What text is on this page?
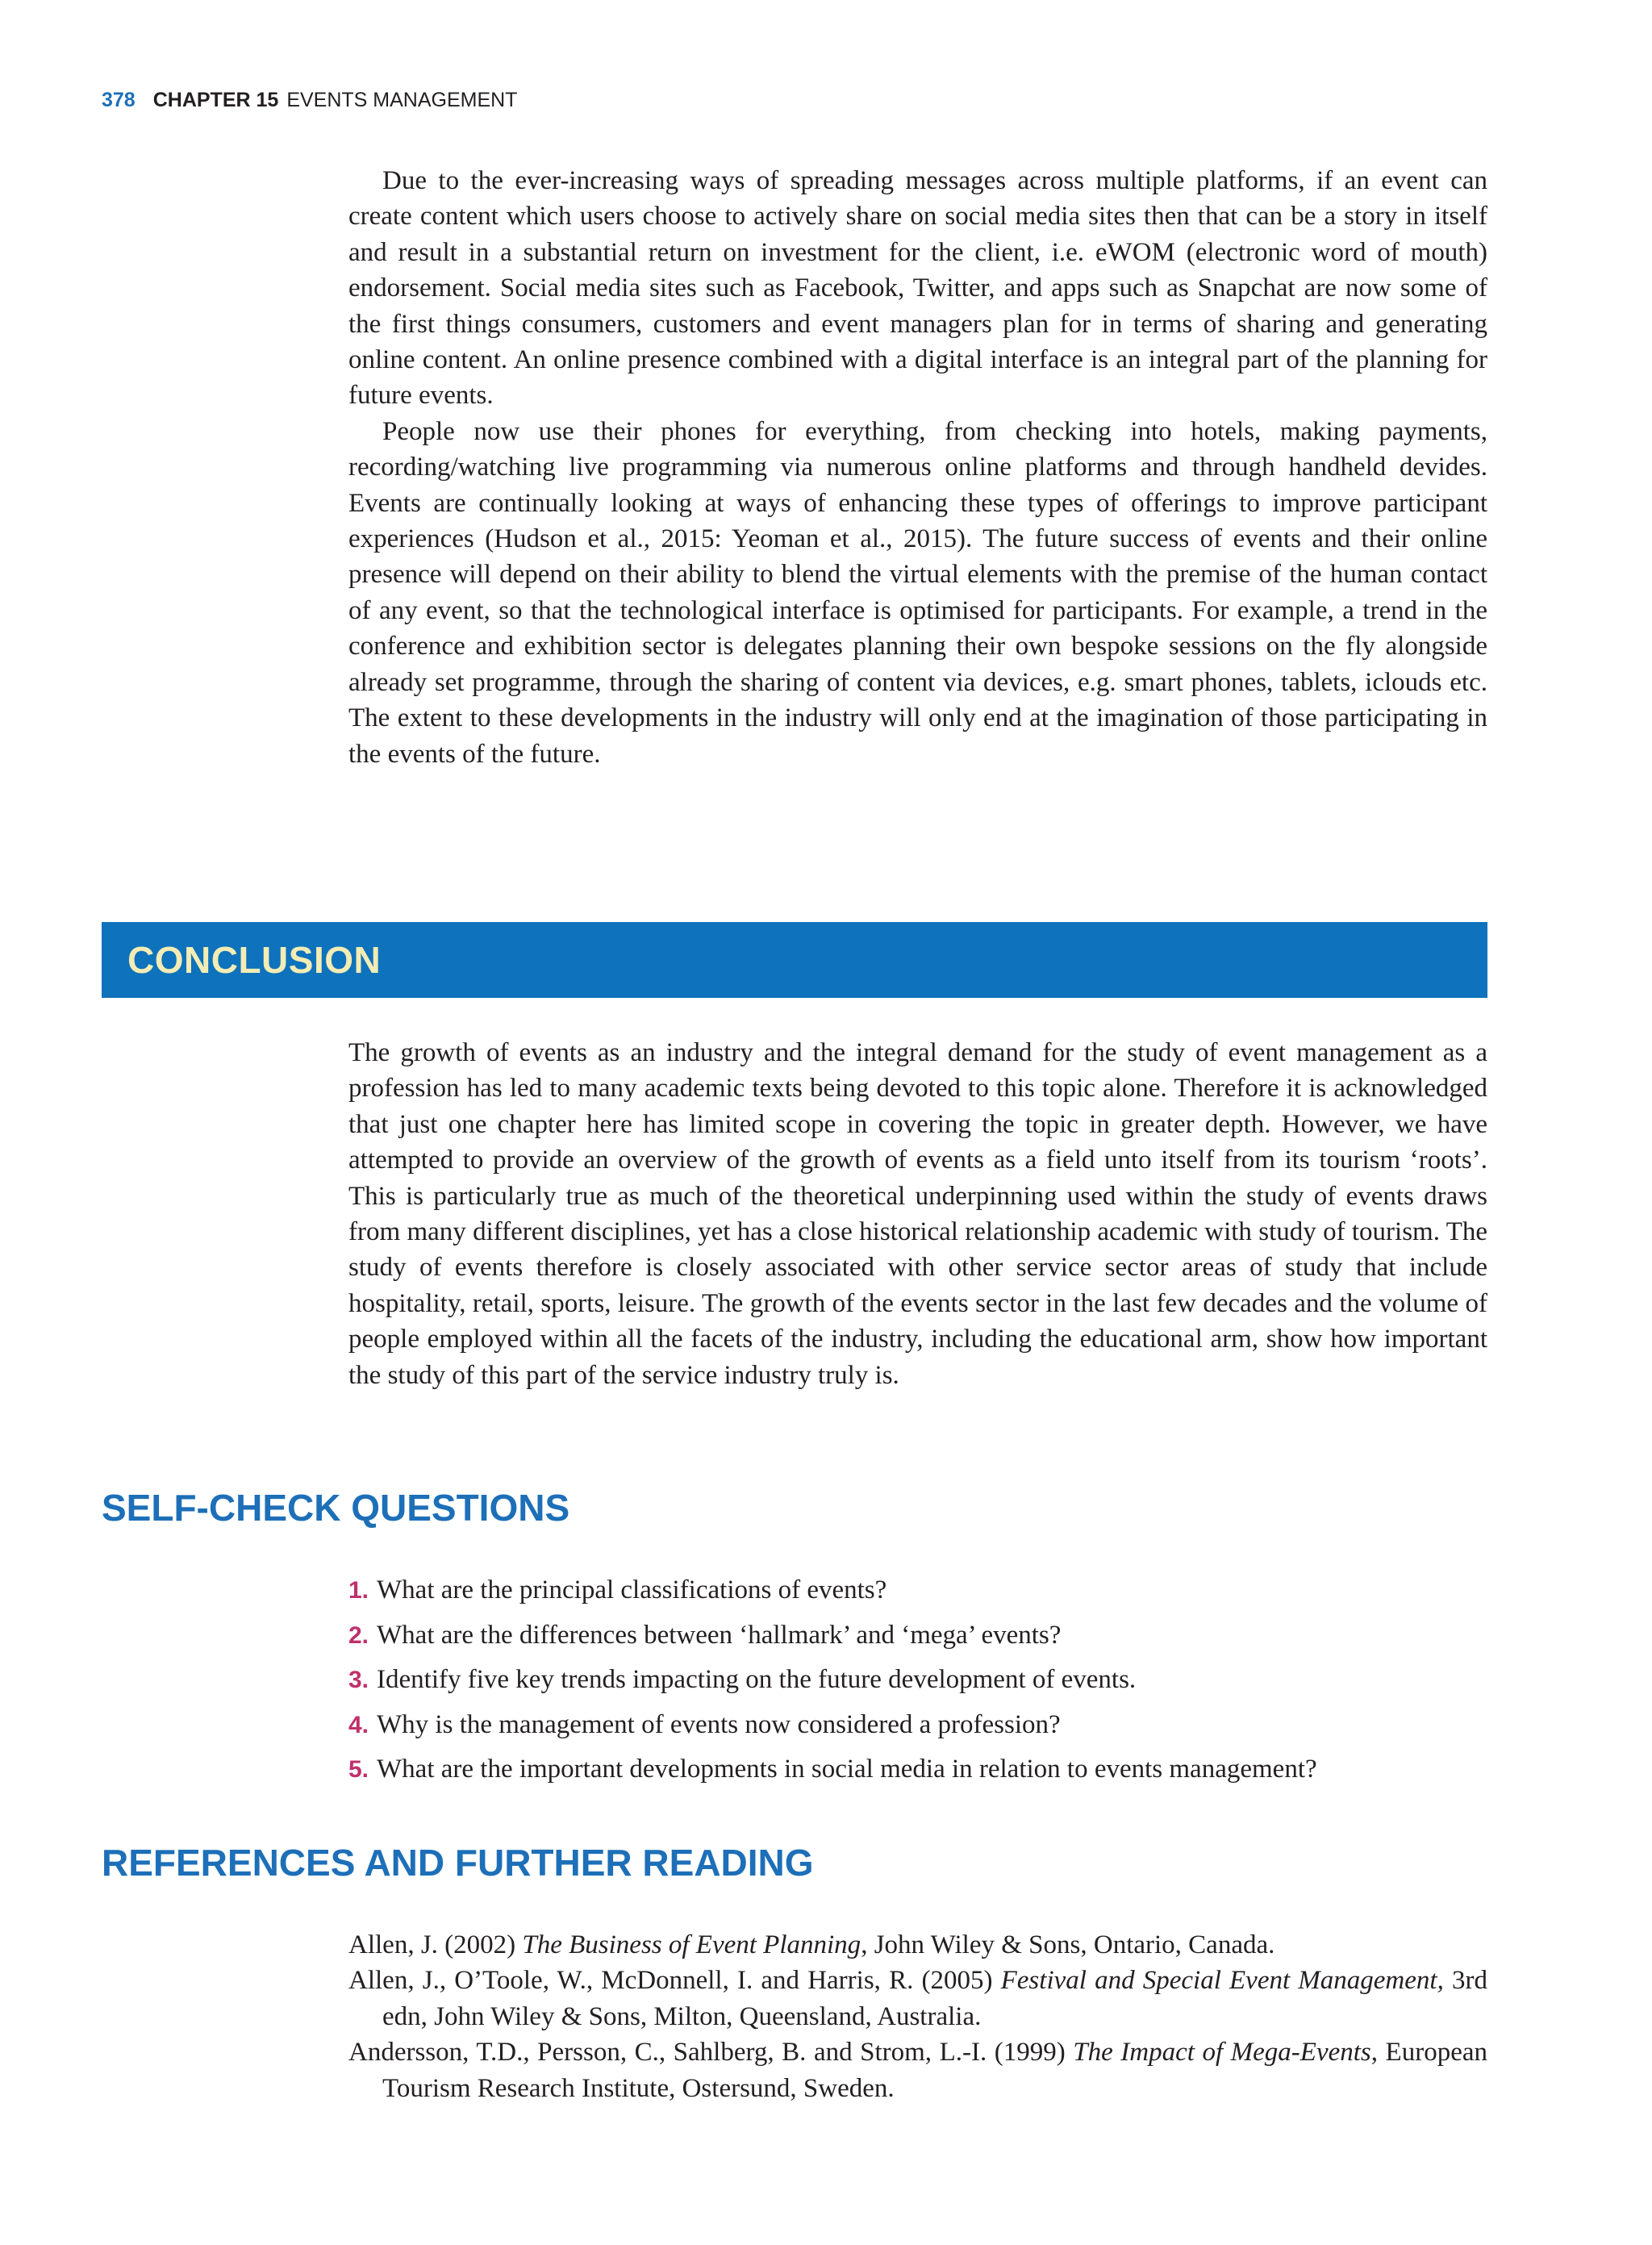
378 CHAPTER 15 EVENTS MANAGEMENT

Due to the ever-increasing ways of spreading messages across multiple platforms, if an event can create content which users choose to actively share on social media sites then that can be a story in itself and result in a substantial return on investment for the client, i.e. eWOM (electronic word of mouth) endorsement. Social media sites such as Facebook, Twitter, and apps such as Snapchat are now some of the first things consumers, customers and event managers plan for in terms of sharing and generating online content. An online presence combined with a digital interface is an integral part of the planning for future events.

People now use their phones for everything, from checking into hotels, making payments, recording/watching live programming via numerous online platforms and through handheld devides. Events are continually looking at ways of enhancing these types of offerings to improve participant experiences (Hudson et al., 2015: Yeoman et al., 2015). The future success of events and their online presence will depend on their ability to blend the virtual elements with the premise of the human contact of any event, so that the technological interface is optimised for participants. For example, a trend in the conference and exhibition sector is delegates planning their own bespoke sessions on the fly alongside already set programme, through the sharing of content via devices, e.g. smart phones, tablets, iclouds etc. The extent to these developments in the industry will only end at the imagination of those participating in the events of the future.

CONCLUSION

The growth of events as an industry and the integral demand for the study of event management as a profession has led to many academic texts being devoted to this topic alone. Therefore it is acknowledged that just one chapter here has limited scope in covering the topic in greater depth. However, we have attempted to provide an overview of the growth of events as a field unto itself from its tourism ‘roots’. This is particularly true as much of the theoretical underpinning used within the study of events draws from many different disciplines, yet has a close historical relationship academic with study of tourism. The study of events therefore is closely associated with other service sector areas of study that include hospitality, retail, sports, leisure. The growth of the events sector in the last few decades and the volume of people employed within all the facets of the industry, including the educational arm, show how important the study of this part of the service industry truly is.

SELF-CHECK QUESTIONS
1. What are the principal classifications of events?
2. What are the differences between ‘hallmark’ and ‘mega’ events?
3. Identify five key trends impacting on the future development of events.
4. Why is the management of events now considered a profession?
5. What are the important developments in social media in relation to events management?
REFERENCES AND FURTHER READING

Allen, J. (2002) The Business of Event Planning, John Wiley & Sons, Ontario, Canada.

Allen, J., O’Toole, W., McDonnell, I. and Harris, R. (2005) Festival and Special Event Management, 3rd edn, John Wiley & Sons, Milton, Queensland, Australia.

Andersson, T.D., Persson, C., Sahlberg, B. and Strom, L.-I. (1999) The Impact of Mega-Events, European Tourism Research Institute, Ostersund, Sweden.
